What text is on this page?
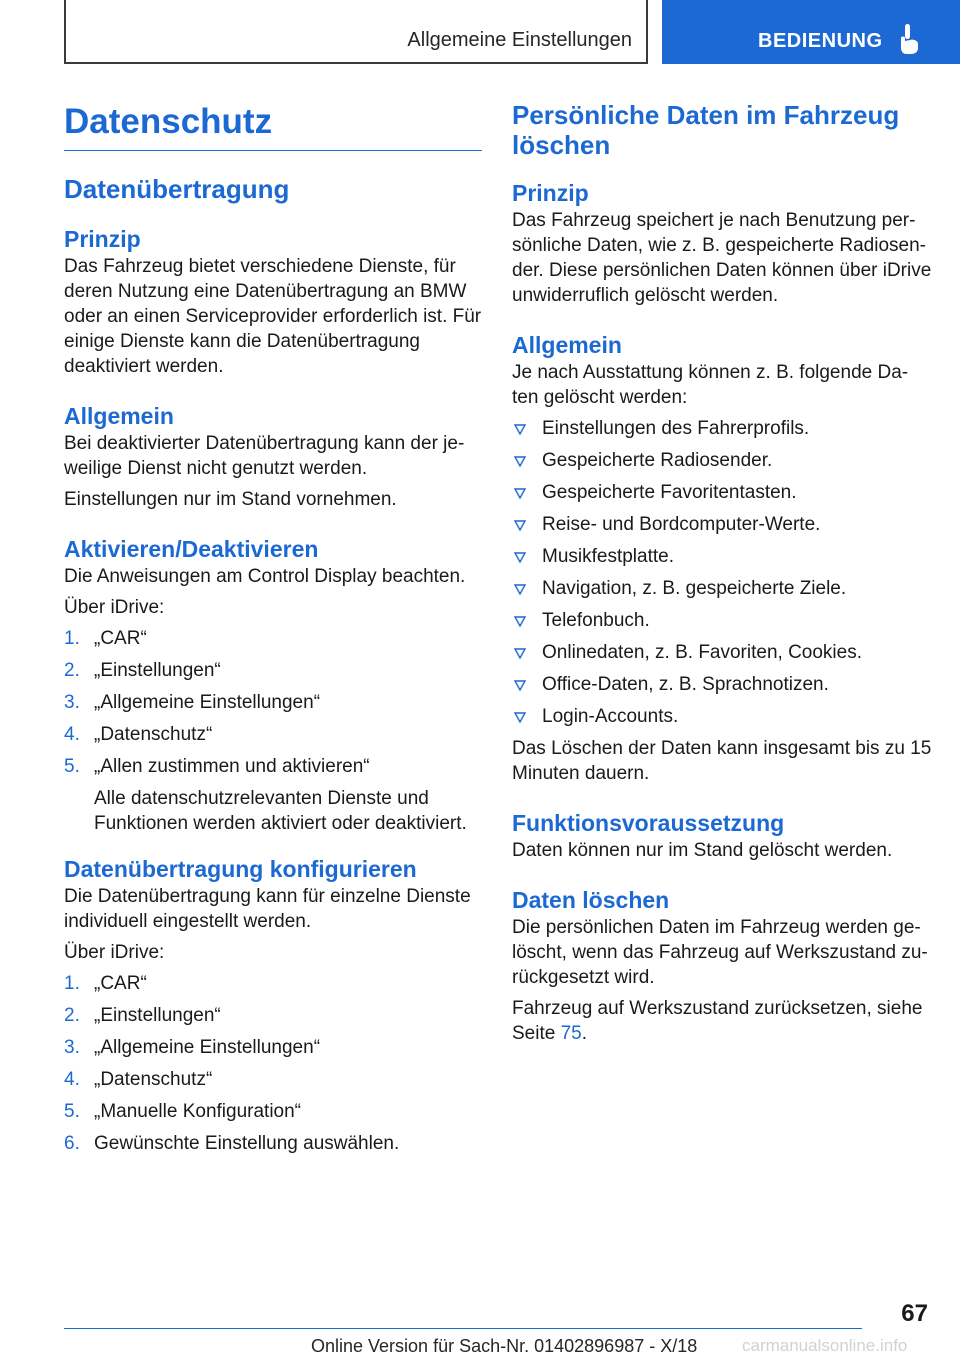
Allgemeine Einstellungen	BEDIENUNG
Datenschutz
Datenübertragung
Prinzip

Das Fahrzeug bietet verschiedene Dienste, für deren Nutzung eine Datenübertragung an BMW oder an einen Serviceprovider erforderlich ist. Für einige Dienste kann die Datenübertragung deaktiviert werden.

Allgemein

Bei deaktivierter Datenübertragung kann der je-weilige Dienst nicht genutzt werden.

Einstellungen nur im Stand vornehmen.

Aktivieren/Deaktivieren

Die Anweisungen am Control Display beachten.

Über iDrive:

1. „CAR“
2. „Einstellungen“
3. „Allgemeine Einstellungen“
4. „Datenschutz“
5. „Allen zustimmen und aktivieren“
Alle datenschutzrelevanten Dienste und Funktionen werden aktiviert oder deaktiviert.
Datenübertragung konfigurieren

Die Datenübertragung kann für einzelne Dienste individuell eingestellt werden.

Über iDrive:

1. „CAR“
2. „Einstellungen“
3. „Allgemeine Einstellungen“
4. „Datenschutz“
5. „Manuelle Konfiguration“
6. Gewünschte Einstellung auswählen.
Persönliche Daten im Fahrzeug löschen
Prinzip

Das Fahrzeug speichert je nach Benutzung per-sönliche Daten, wie z. B. gespeicherte Radiosen-der. Diese persönlichen Daten können über iDrive unwiderruflich gelöscht werden.

Allgemein

Je nach Ausstattung können z. B. folgende Da-ten gelöscht werden:

Einstellungen des Fahrerprofils.
Gespeicherte Radiosender.
Gespeicherte Favoritentasten.
Reise- und Bordcomputer-Werte.
Musikfestplatte.
Navigation, z. B. gespeicherte Ziele.
Telefonbuch.
Onlinedaten, z. B. Favoriten, Cookies.
Office-Daten, z. B. Sprachnotizen.
Login-Accounts.

Das Löschen der Daten kann insgesamt bis zu 15 Minuten dauern.

Funktionsvoraussetzung

Daten können nur im Stand gelöscht werden.

Daten löschen

Die persönlichen Daten im Fahrzeug werden ge-löscht, wenn das Fahrzeug auf Werkszustand zu-rückgesetzt wird.

Fahrzeug auf Werkszustand zurücksetzen, siehe Seite 75.

67
Online Version für Sach-Nr. 01402896987 - X/18	carmanualsonline.info
